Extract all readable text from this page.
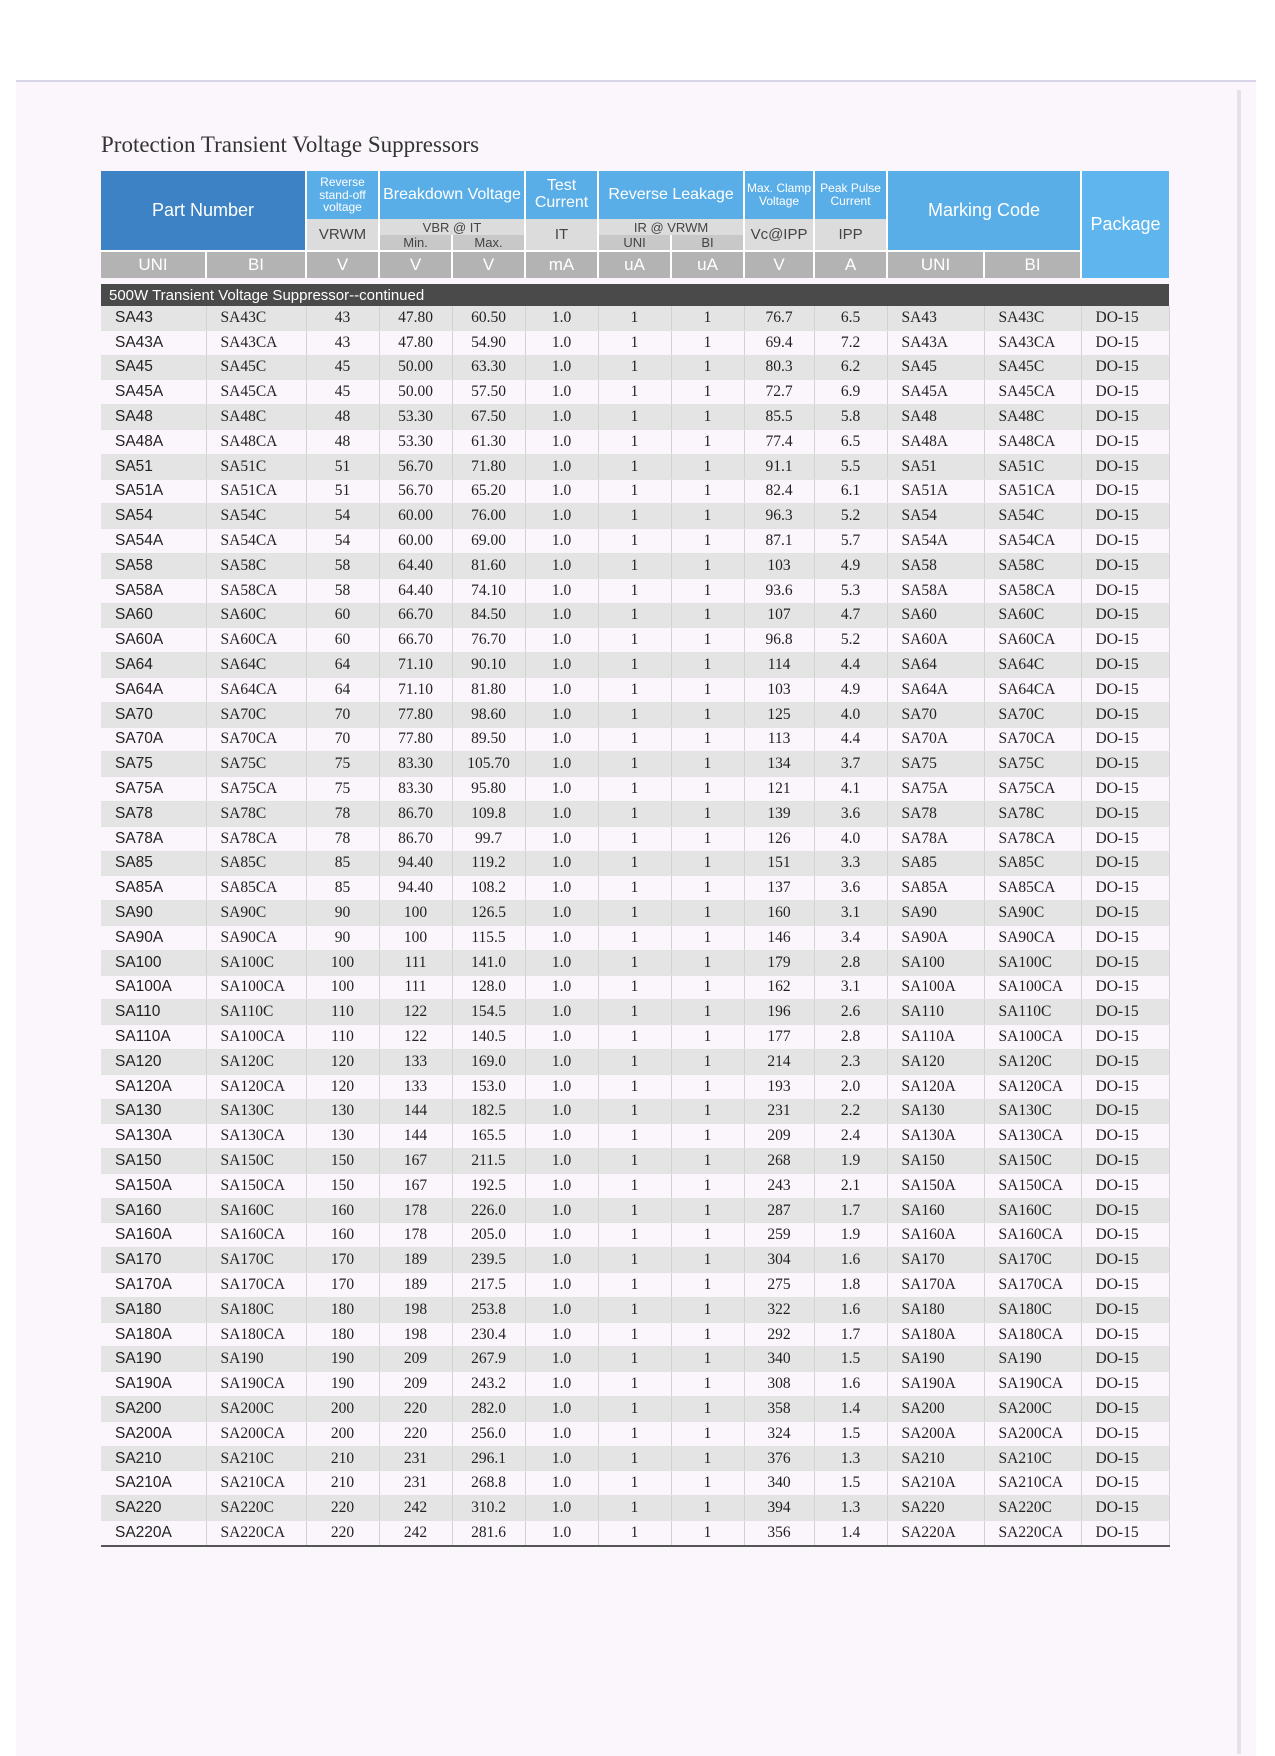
Protection Transient Voltage Suppressors
Part Number		Reverse stand-off voltage	Breakdown Voltage		Test Current	Reverse Leakage		Max. Clamp Voltage	Peak Pulse Current	Marking Code		Package
		VRWM	VBR @ IT		IT	IR @ VRWM		Vc@IPP	IPP			
			Min.	Max.		UNI	BI					
UNI	BI	V	V	V	mA	uA	uA	V	A	UNI	BI	

500W Transient Voltage Suppressor--continued												
SA43	SA43C	43	47.80	60.50	1.0	1	1	76.7	6.5	SA43	SA43C	DO-15
SA43A	SA43CA	43	47.80	54.90	1.0	1	1	69.4	7.2	SA43A	SA43CA	DO-15
SA45	SA45C	45	50.00	63.30	1.0	1	1	80.3	6.2	SA45	SA45C	DO-15
SA45A	SA45CA	45	50.00	57.50	1.0	1	1	72.7	6.9	SA45A	SA45CA	DO-15
SA48	SA48C	48	53.30	67.50	1.0	1	1	85.5	5.8	SA48	SA48C	DO-15
SA48A	SA48CA	48	53.30	61.30	1.0	1	1	77.4	6.5	SA48A	SA48CA	DO-15
SA51	SA51C	51	56.70	71.80	1.0	1	1	91.1	5.5	SA51	SA51C	DO-15
SA51A	SA51CA	51	56.70	65.20	1.0	1	1	82.4	6.1	SA51A	SA51CA	DO-15
SA54	SA54C	54	60.00	76.00	1.0	1	1	96.3	5.2	SA54	SA54C	DO-15
SA54A	SA54CA	54	60.00	69.00	1.0	1	1	87.1	5.7	SA54A	SA54CA	DO-15
SA58	SA58C	58	64.40	81.60	1.0	1	1	103	4.9	SA58	SA58C	DO-15
SA58A	SA58CA	58	64.40	74.10	1.0	1	1	93.6	5.3	SA58A	SA58CA	DO-15
SA60	SA60C	60	66.70	84.50	1.0	1	1	107	4.7	SA60	SA60C	DO-15
SA60A	SA60CA	60	66.70	76.70	1.0	1	1	96.8	5.2	SA60A	SA60CA	DO-15
SA64	SA64C	64	71.10	90.10	1.0	1	1	114	4.4	SA64	SA64C	DO-15
SA64A	SA64CA	64	71.10	81.80	1.0	1	1	103	4.9	SA64A	SA64CA	DO-15
SA70	SA70C	70	77.80	98.60	1.0	1	1	125	4.0	SA70	SA70C	DO-15
SA70A	SA70CA	70	77.80	89.50	1.0	1	1	113	4.4	SA70A	SA70CA	DO-15
SA75	SA75C	75	83.30	105.70	1.0	1	1	134	3.7	SA75	SA75C	DO-15
SA75A	SA75CA	75	83.30	95.80	1.0	1	1	121	4.1	SA75A	SA75CA	DO-15
SA78	SA78C	78	86.70	109.8	1.0	1	1	139	3.6	SA78	SA78C	DO-15
SA78A	SA78CA	78	86.70	99.7	1.0	1	1	126	4.0	SA78A	SA78CA	DO-15
SA85	SA85C	85	94.40	119.2	1.0	1	1	151	3.3	SA85	SA85C	DO-15
SA85A	SA85CA	85	94.40	108.2	1.0	1	1	137	3.6	SA85A	SA85CA	DO-15
SA90	SA90C	90	100	126.5	1.0	1	1	160	3.1	SA90	SA90C	DO-15
SA90A	SA90CA	90	100	115.5	1.0	1	1	146	3.4	SA90A	SA90CA	DO-15
SA100	SA100C	100	111	141.0	1.0	1	1	179	2.8	SA100	SA100C	DO-15
SA100A	SA100CA	100	111	128.0	1.0	1	1	162	3.1	SA100A	SA100CA	DO-15
SA110	SA110C	110	122	154.5	1.0	1	1	196	2.6	SA110	SA110C	DO-15
SA110A	SA100CA	110	122	140.5	1.0	1	1	177	2.8	SA110A	SA100CA	DO-15
SA120	SA120C	120	133	169.0	1.0	1	1	214	2.3	SA120	SA120C	DO-15
SA120A	SA120CA	120	133	153.0	1.0	1	1	193	2.0	SA120A	SA120CA	DO-15
SA130	SA130C	130	144	182.5	1.0	1	1	231	2.2	SA130	SA130C	DO-15
SA130A	SA130CA	130	144	165.5	1.0	1	1	209	2.4	SA130A	SA130CA	DO-15
SA150	SA150C	150	167	211.5	1.0	1	1	268	1.9	SA150	SA150C	DO-15
SA150A	SA150CA	150	167	192.5	1.0	1	1	243	2.1	SA150A	SA150CA	DO-15
SA160	SA160C	160	178	226.0	1.0	1	1	287	1.7	SA160	SA160C	DO-15
SA160A	SA160CA	160	178	205.0	1.0	1	1	259	1.9	SA160A	SA160CA	DO-15
SA170	SA170C	170	189	239.5	1.0	1	1	304	1.6	SA170	SA170C	DO-15
SA170A	SA170CA	170	189	217.5	1.0	1	1	275	1.8	SA170A	SA170CA	DO-15
SA180	SA180C	180	198	253.8	1.0	1	1	322	1.6	SA180	SA180C	DO-15
SA180A	SA180CA	180	198	230.4	1.0	1	1	292	1.7	SA180A	SA180CA	DO-15
SA190	SA190	190	209	267.9	1.0	1	1	340	1.5	SA190	SA190	DO-15
SA190A	SA190CA	190	209	243.2	1.0	1	1	308	1.6	SA190A	SA190CA	DO-15
SA200	SA200C	200	220	282.0	1.0	1	1	358	1.4	SA200	SA200C	DO-15
SA200A	SA200CA	200	220	256.0	1.0	1	1	324	1.5	SA200A	SA200CA	DO-15
SA210	SA210C	210	231	296.1	1.0	1	1	376	1.3	SA210	SA210C	DO-15
SA210A	SA210CA	210	231	268.8	1.0	1	1	340	1.5	SA210A	SA210CA	DO-15
SA220	SA220C	220	242	310.2	1.0	1	1	394	1.3	SA220	SA220C	DO-15
SA220A	SA220CA	220	242	281.6	1.0	1	1	356	1.4	SA220A	SA220CA	DO-15
